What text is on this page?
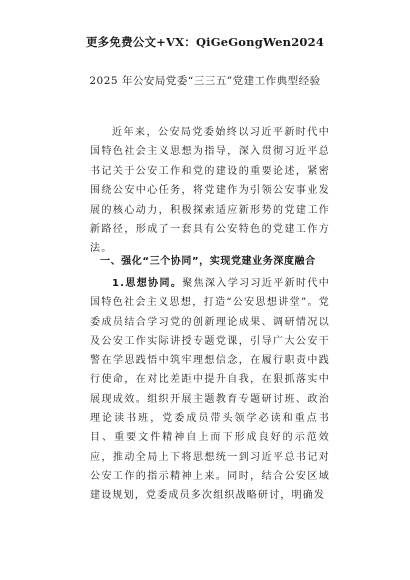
更多免费公文+VX：QiGeGongWen2024
2025 年公安局党委“三三五”党建工作典型经验

近年来，公安局党委始终以习近平新时代中国特色社会主义思想为指导，深入贯彻习近平总书记关于公安工作和党的建设的重要论述，紧密围绕公安中心任务，将党建作为引领公安事业发展的核心动力，积极探索适应新形势的党建工作新路径，形成了一套具有公安特色的党建工作方法。

一、强化“三个协同”，实现党建业务深度融合

1.思想协同。聚焦深入学习习近平新时代中国特色社会主义思想，打造“公安思想讲堂”。党委成员结合学习党的创新理论成果、调研情况以及公安工作实际讲授专题党课，引导广大公安干警在学思践悟中筑牢理想信念，在履行职责中践行使命，在对比差距中提升自我，在狠抓落实中展现成效。组织开展主题教育专题研讨班、政治理论读书班，党委成员带头领学必读和重点书目、重要文件精神自上而下形成良好的示范效应，推动全局上下将思想统一到习近平总书记对公安工作的指示精神上来。同时，结合公安区域建设规划，党委成员多次组织战略研讨，明确发
